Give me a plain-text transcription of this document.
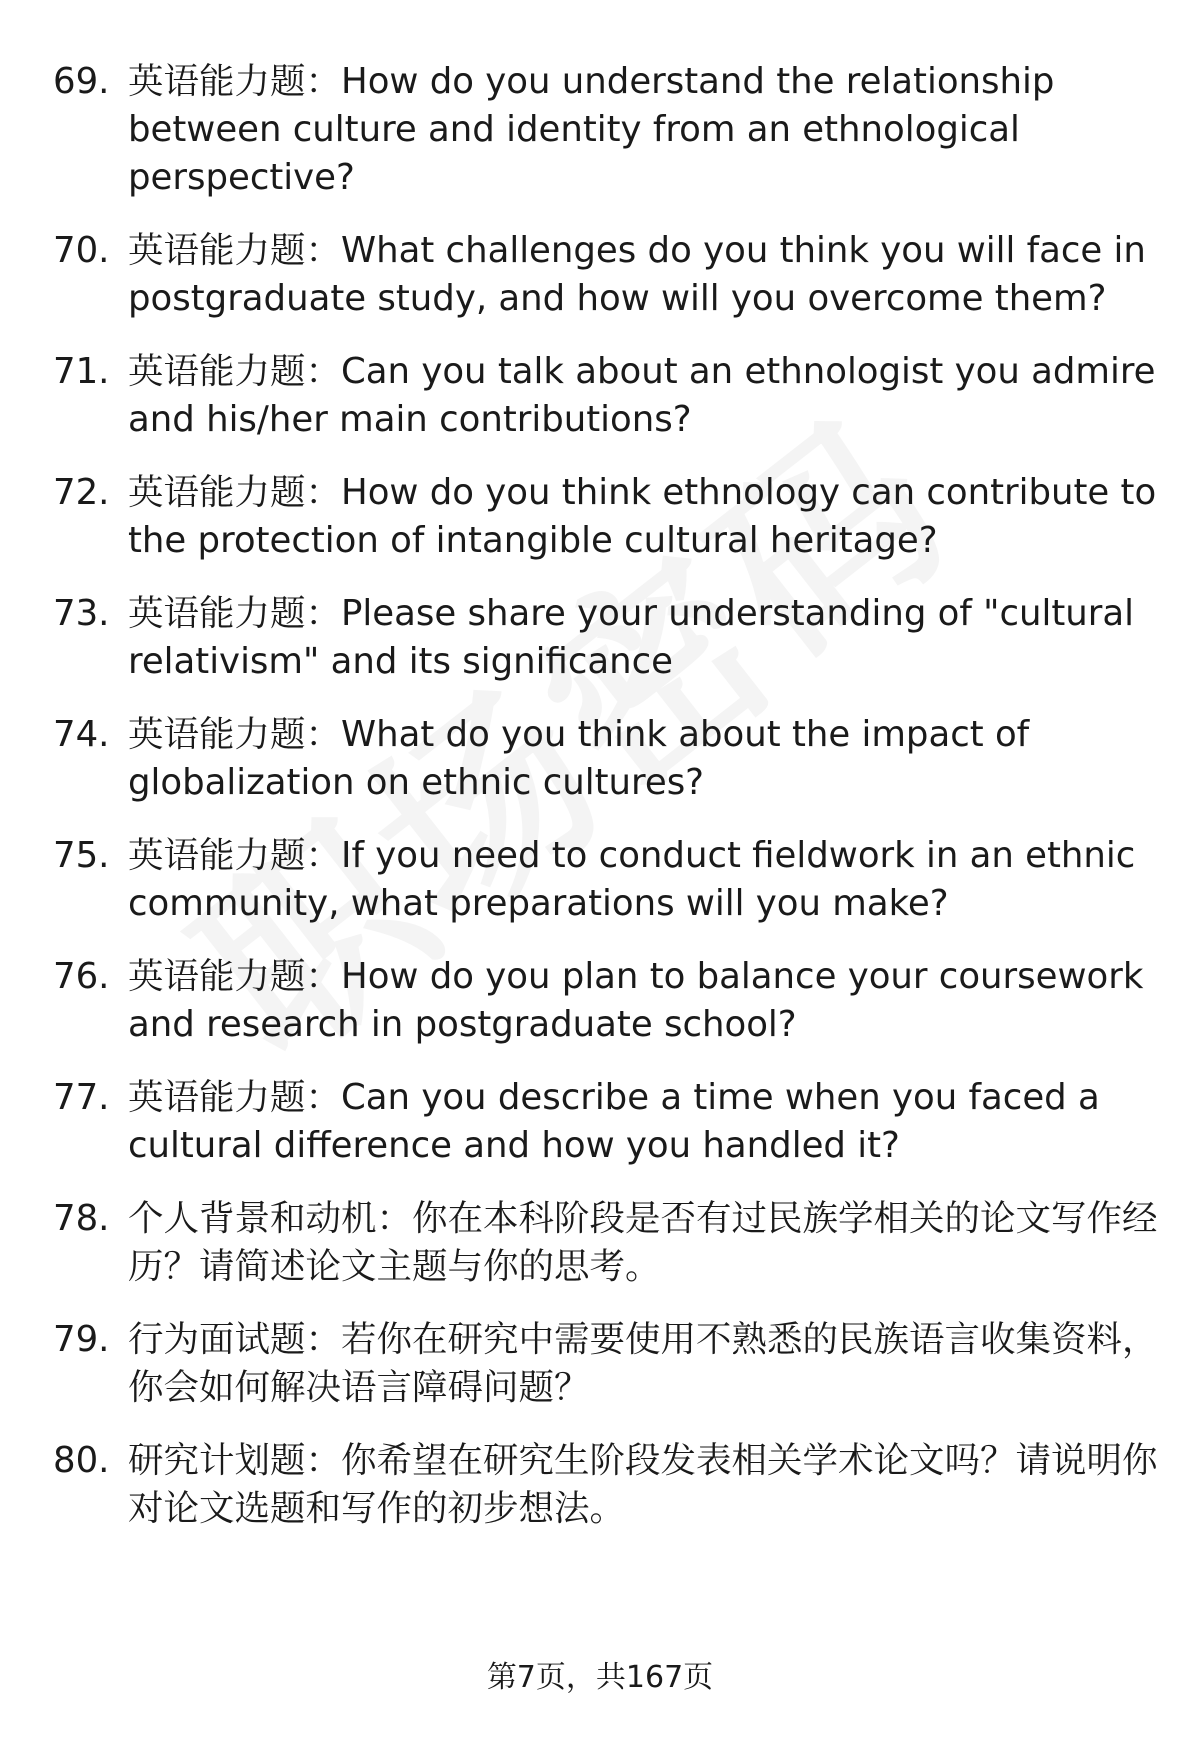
69. 英语能力题：How do you understand the relationship between culture and identity from an ethnological perspective?
70. 英语能力题：What challenges do you think you will face in postgraduate study, and how will you overcome them?
71. 英语能力题：Can you talk about an ethnologist you admire and his/her main contributions?
72. 英语能力题：How do you think ethnology can contribute to the protection of intangible cultural heritage?
73. 英语能力题：Please share your understanding of "cultural relativism" and its significance
74. 英语能力题：What do you think about the impact of globalization on ethnic cultures?
75. 英语能力题：If you need to conduct fieldwork in an ethnic community, what preparations will you make?
76. 英语能力题：How do you plan to balance your coursework and research in postgraduate school?
77. 英语能力题：Can you describe a time when you faced a cultural difference and how you handled it?
78. 个人背景和动机：你在本科阶段是否有过民族学相关的论文写作经历？请简述论文主题与你的思考。
79. 行为面试题：若你在研究中需要使用不熟悉的民族语言收集资料，你会如何解决语言障碍问题？
80. 研究计划题：你希望在研究生阶段发表相关学术论文吗？请说明你对论文选题和写作的初步想法。
第7页，共167页
